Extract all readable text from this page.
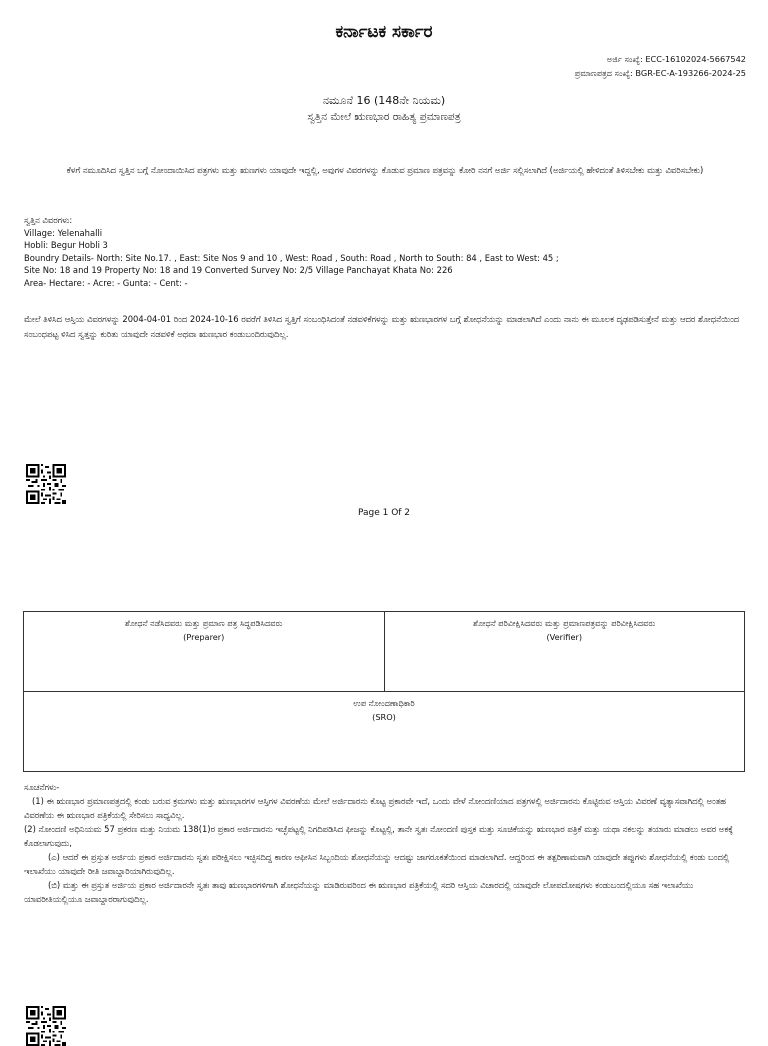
ಕರ್ನಾಟಕ ಸರ್ಕಾರ
ಅರ್ಜಿ ಸಂಖ್ಯೆ: ECC-16102024-5667542
ಪ್ರಮಾಣಪತ್ರದ ಸಂಖ್ಯೆ: BGR-EC-A-193266-2024-25
ನಮೂನೆ 16 (148ನೇ ನಿಯಮ)
ಸ್ವತ್ತಿನ ಮೇಲೆ ಋಣಭಾರ ರಾಹಿತ್ಯ ಪ್ರಮಾಣಪತ್ರ
ಕೆಳಗೆ ನಮೂದಿಸಿದ ಸ್ವತ್ತಿನ ಬಗ್ಗೆ ನೋಂದಾಯಿಸಿದ ಪತ್ರಗಳು ಮತ್ತು ಋಣಗಳು ಯಾವುದೇ ಇದ್ದಲ್ಲಿ, ಅವುಗಳ ವಿವರಗಳನ್ನು ಕೊಡುವ ಪ್ರಮಾಣ ಪತ್ರವನ್ನು ಕೋರಿ ನನಗೆ ಅರ್ಜಿ ಸಲ್ಲಿಸಲಾಗಿದೆ (ಅರ್ಜಿಯಲ್ಲಿ ಹೇಳಿದಂತೆ ತಿಳಿಸಬೇಕು ಮತ್ತು ವಿವರಿಸಬೇಕು)
ಸ್ವತ್ತಿನ ವಿವರಗಳು:
Village: Yelenahalli
Hobli: Begur Hobli 3
Boundry Details- North: Site No.17. , East: Site Nos 9 and 10 , West: Road , South: Road , North to South: 84 , East to West: 45 ;
Site No: 18 and 19 Property No: 18 and 19 Converted Survey No: 2/5 Village Panchayat Khata No: 226
Area- Hectare: - Acre: - Gunta: - Cent: -
ಮೇಲೆ ತಿಳಿಸಿದ ಆಸ್ತಿಯ ವಿವರಗಳನ್ನು 2004-04-01 ರಿಂದ 2024-10-16 ರವರೆಗೆ ತಿಳಿಸಿದ ಸ್ವತ್ತಿಗೆ ಸಂಬಂಧಿಸಿದಂತೆ ನಡವಳಿಕೆಗಳನ್ನು ಮತ್ತು ಋಣಭಾರಗಳ ಬಗ್ಗೆ ಶೋಧನೆಯನ್ನು ಮಾಡಲಾಗಿದೆ ಎಂದು ನಾನು ಈ ಮೂಲಕ ದೃಢಪಡಿಸುತ್ತೇನೆ ಮತ್ತು ಆದರ ಶೋಧನೆಯಿಂದ ಸಂಬಂಧಪಟ್ಟ ಳಿಸಿದ ಸ್ವತ್ತನ್ನು ಕುರಿತು ಯಾವುದೇ ನಡವಳಿಕೆ ಅಥವಾ ಋಣಭಾರ ಕಂಡುಬಂದಿರುವುದಿಲ್ಲ.
Page 1 Of 2
ಶೋಧನೆ ನಡೆಸಿದವರು ಮತ್ತು ಪ್ರಮಾಣ ಪತ್ರ ಸಿದ್ಧಪಡಿಸಿದವರು
(Preparer)

ಶೋಧನೆ ಪರಿವೀಕ್ಷಿಸಿದವರು ಮತ್ತು ಪ್ರಮಾಣಪತ್ರವನ್ನು ಪರಿವೀಕ್ಷಿಸಿದವರು
(Verifier)

ಉಪ ನೋಂದಣಾಧಿಕಾರಿ
(SRO)

ಸೂಚನೆಗಳು-

(1) ಈ ಋಣಭಾರ ಪ್ರಮಾಣಪತ್ರದಲ್ಲಿ ಕಂಡು ಬರುವ ಕ್ರಮಗಳು ಮತ್ತು ಋಣಭಾರಗಳ ಆಸ್ತಿಗಳ ವಿವರಣೆಯ ಮೇಲೆ ಅರ್ಜಿದಾರನು ಕೊಟ್ಟ ಪ್ರಕಾರವೇ ಇದೆ, ಒಂದು ವೇಳೆ ನೋಂದಣಿಯಾದ ಪತ್ರಗಳಲ್ಲಿ ಅರ್ಜಿದಾರನು ಕೊಟ್ಟಿರುವ ಆಸ್ತಿಯ ವಿವರಣೆ ವ್ಯತ್ಯಾಸವಾಗಿದಲ್ಲಿ ಅಂತಹ ವಿವರಣೆಯ ಈ ಋಣಭಾರ ಪತ್ರಿಕೆಯಲ್ಲಿ ಸೇರಿಸಲು ಸಾಧ್ಯವಿಲ್ಲ.

(2) ನೋಂದಣಿ ಅಧಿನಿಯಮ 57 ಪ್ರಕರಣ ಮತ್ತು ನಿಯಮ 138(1)ರ ಪ್ರಕಾರ ಅರ್ಜಿದಾರನು ಇಚ್ಛೆಪಟ್ಟಲ್ಲಿ ನಿಗದಿಪಡಿಸಿದ ಫೀಜನ್ನು ಕೊಟ್ಟಲ್ಲಿ, ತಾನೇ ಸ್ವತಃ ನೋಂದಣಿ ಪುಸ್ತಕ ಮತ್ತು ಸೂಚಿಕೆಯನ್ನು ಋಣಭಾರ ಪತ್ರಿಕೆ ಮತ್ತು ಯಥಾ ನಕಲನ್ನು ತಯಾರು ಮಾಡಲು ಅವರ ಅಕಕ್ಕೆ ಕೊಡಲಾಗುವುದು,

(ಎ) ಆದರೆ ಈ ಪ್ರಸ್ತುತ ಅರ್ಜಿಯ ಪ್ರಕಾರ ಅರ್ಜಿದಾರನು ಸ್ವತಃ ಪರೀಕ್ಷಿಸಲು ಇಚ್ಛಿಸದಿದ್ದ ಕಾರಣ ಆಫೀಸಿನ ಸಿಬ್ಬಂದಿಯ ಶೋಧನೆಯನ್ನು ಆದಷ್ಟು ಜಾಗರೂಕತೆಯಿಂದ ಮಾಡಲಾಗಿದೆ. ಆದ್ದರಿಂದ ಈ ತತ್ಪರಿಣಾಮವಾಗಿ ಯಾವುದೇ ತಪ್ಪುಗಳು ಶೋಧನೆಯಲ್ಲಿ ಕಂಡು ಬಂದಲ್ಲಿ ಇಲಾಖೆಯು ಯಾವುದೇ ರೀತಿ ಜವಾಬ್ದಾರಿಯಾಗಿರುವುದಿಲ್ಲ.

(ಬಿ) ಮತ್ತು ಈ ಪ್ರಸ್ತುತ ಅರ್ಜಿಯ ಪ್ರಕಾರ ಅರ್ಜಿದಾರನೇ ಸ್ವತಃ ತಾವು ಋಣಭಾರಗಳಿಗಾಗಿ ಶೋಧನೆಯನ್ನು ಮಾಡಿರುವರಿಂದ ಈ ಋಣಭಾರ ಪತ್ರಿಕೆಯಲ್ಲಿ ಸದರಿ ಆಸ್ತಿಯ ವಿಚಾರದಲ್ಲಿ ಯಾವುದೇ ಲೋಪದೋಷಗಳು ಕಂಡುಬಂದಲ್ಲಿಯೂ ಸಹ ಇಲಾಖೆಯು ಯಾವರೀತಿಯಲ್ಲಿಯೂ ಜವಾಬ್ದಾರರಾಗುವುದಿಲ್ಲ.
